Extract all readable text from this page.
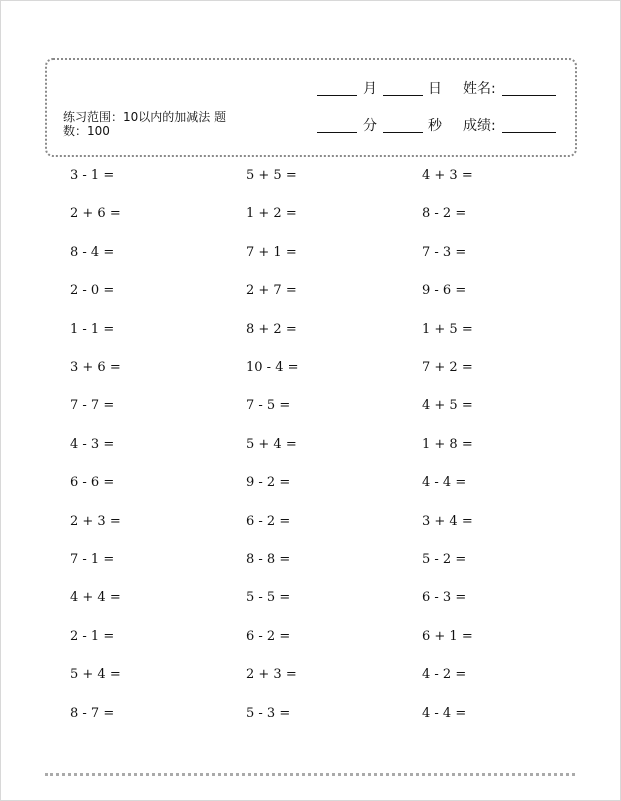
月	日 姓名:
分	秒 成绩:
练习范围：10以内的加减法 题
数：100
3 - 1 =	5 + 5 =	4 + 3 =
2 + 6 =	1 + 2 =	8 - 2 =
8 - 4 =	7 + 1 =	7 - 3 =
2 - 0 =	2 + 7 =	9 - 6 =
1 - 1 =	8 + 2 =	1 + 5 =
3 + 6 =	10 - 4 =	7 + 2 =
7 - 7 =	7 - 5 =	4 + 5 =
4 - 3 =	5 + 4 =	1 + 8 =
6 - 6 =	9 - 2 =	4 - 4 =
2 + 3 =	6 - 2 =	3 + 4 =
7 - 1 =	8 - 8 =	5 - 2 =
4 + 4 =	5 - 5 =	6 - 3 =
2 - 1 =	6 - 2 =	6 + 1 =
5 + 4 =	2 + 3 =	4 - 2 =
8 - 7 =	5 - 3 =	4 - 4 =
